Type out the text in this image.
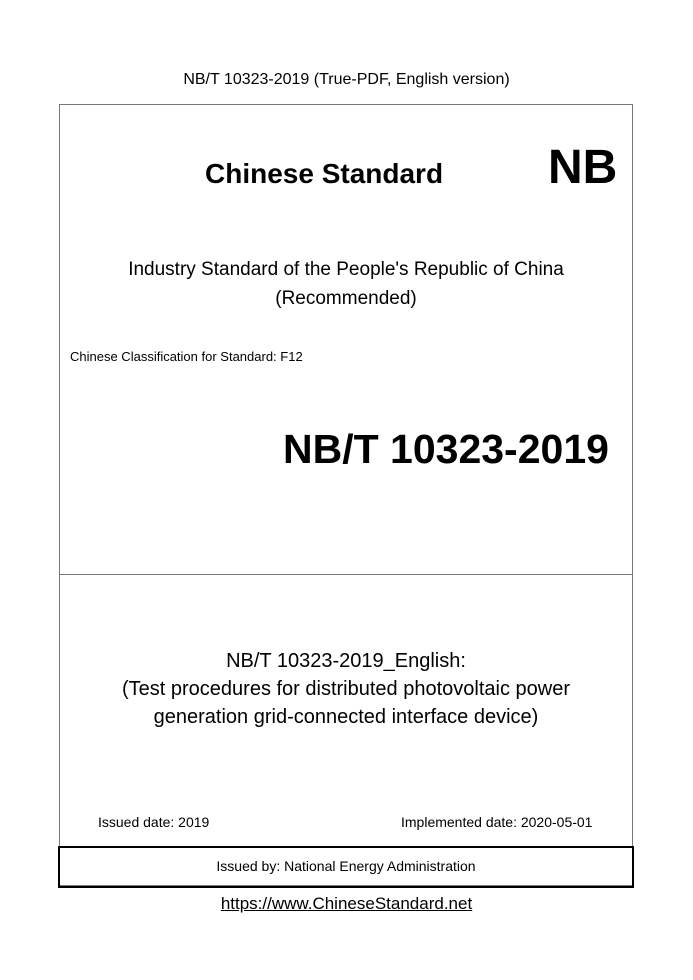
NB/T 10323-2019 (True-PDF, English version)
Chinese Standard NB
Industry Standard of the People's Republic of China
(Recommended)
Chinese Classification for Standard: F12
NB/T 10323-2019
NB/T 10323-2019_English:
(Test procedures for distributed photovoltaic power
generation grid-connected interface device)
Issued date: 2019	Implemented date: 2020-05-01
Issued by: National Energy Administration
https://www.ChineseStandard.net
